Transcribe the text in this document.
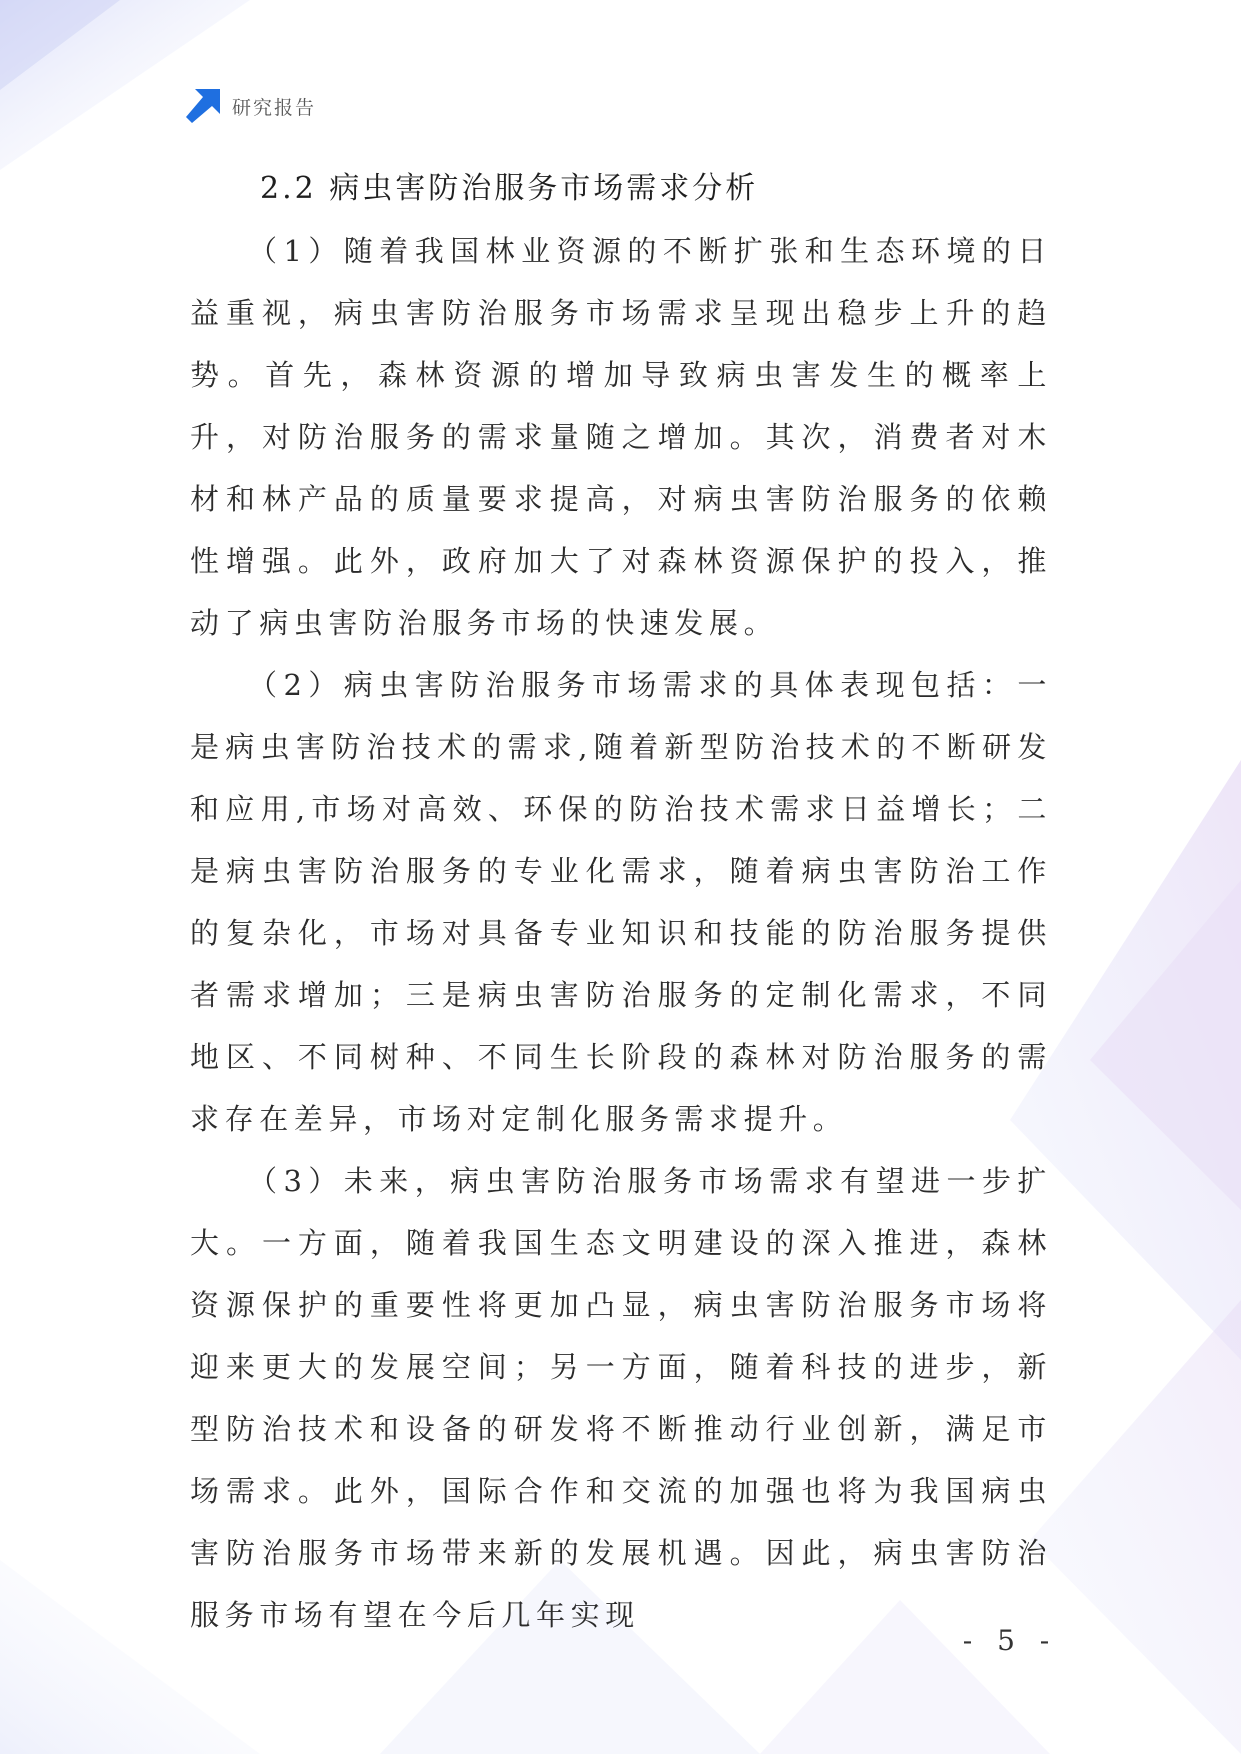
研究报告
2.2 病虫害防治服务市场需求分析

（1）随着我国林业资源的不断扩张和生态环境的日益重视，病虫害防治服务市场需求呈现出稳步上升的趋势。首先，森林资源的增加导致病虫害发生的概率上升，对防治服务的需求量随之增加。其次，消费者对木材和林产品的质量要求提高，对病虫害防治服务的依赖性增强。此外，政府加大了对森林资源保护的投入，推动了病虫害防治服务市场的快速发展。

（2）病虫害防治服务市场需求的具体表现包括：一是病虫害防治技术的需求,随着新型防治技术的不断研发和应用,市场对高效、环保的防治技术需求日益增长；二是病虫害防治服务的专业化需求，随着病虫害防治工作的复杂化，市场对具备专业知识和技能的防治服务提供者需求增加；三是病虫害防治服务的定制化需求，不同地区、不同树种、不同生长阶段的森林对防治服务的需求存在差异，市场对定制化服务需求提升。

（3）未来，病虫害防治服务市场需求有望进一步扩大。一方面，随着我国生态文明建设的深入推进，森林资源保护的重要性将更加凸显，病虫害防治服务市场将迎来更大的发展空间；另一方面，随着科技的进步，新型防治技术和设备的研发将不断推动行业创新，满足市场需求。此外，国际合作和交流的加强也将为我国病虫害防治服务市场带来新的发展机遇。因此，病虫害防治服务市场有望在今后几年实现

- 5 -
